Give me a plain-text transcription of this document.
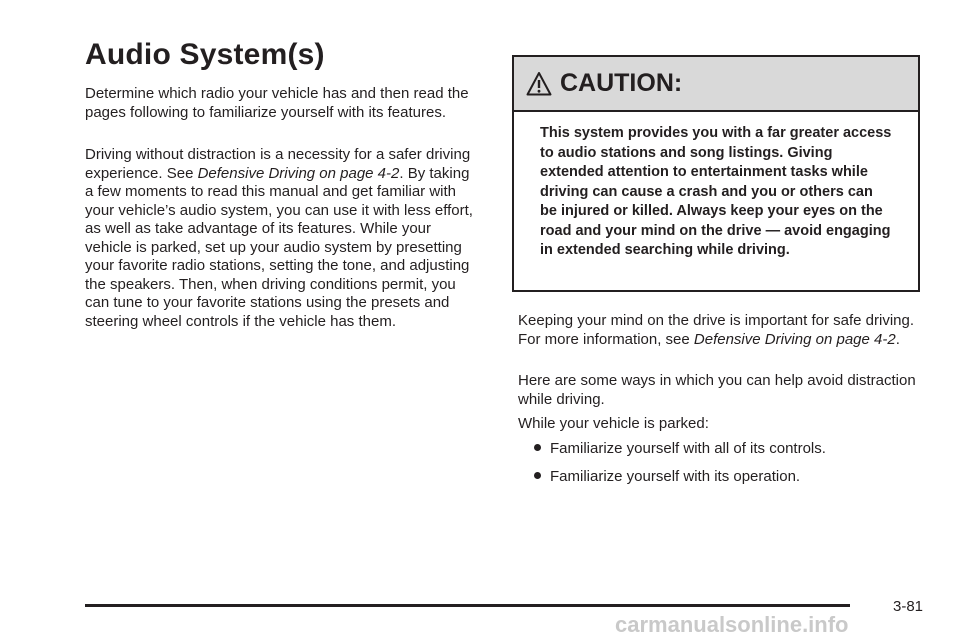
Audio System(s)

Determine which radio your vehicle has and then read the pages following to familiarize yourself with its features.

Driving without distraction is a necessity for a safer driving experience. See Defensive Driving on page 4-2. By taking a few moments to read this manual and get familiar with your vehicle’s audio system, you can use it with less effort, as well as take advantage of its features. While your vehicle is parked, set up your audio system by presetting your favorite radio stations, setting the tone, and adjusting the speakers. Then, when driving conditions permit, you can tune to your favorite stations using the presets and steering wheel controls if the vehicle has them.

CAUTION:
This system provides you with a far greater access to audio stations and song listings. Giving extended attention to entertainment tasks while driving can cause a crash and you or others can be injured or killed. Always keep your eyes on the road and your mind on the drive — avoid engaging in extended searching while driving.

Keeping your mind on the drive is important for safe driving. For more information, see Defensive Driving on page 4-2.

Here are some ways in which you can help avoid distraction while driving.

While your vehicle is parked:

Familiarize yourself with all of its controls.
Familiarize yourself with its operation.
3-81
carmanualsonline.info
